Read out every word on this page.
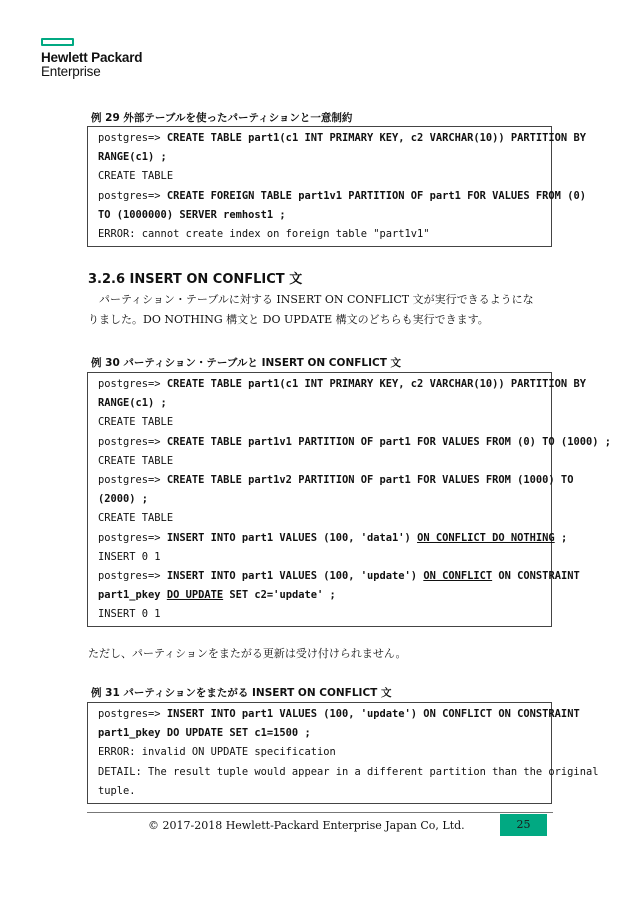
Hewlett Packard
Enterprise
例 29 外部テーブルを使ったパーティションと一意制約
postgres=> CREATE TABLE part1(c1 INT PRIMARY KEY, c2 VARCHAR(10)) PARTITION BY
RANGE(c1) ;
CREATE TABLE
postgres=> CREATE FOREIGN TABLE part1v1 PARTITION OF part1 FOR VALUES FROM (0)
TO (1000000) SERVER remhost1 ;
ERROR: cannot create index on foreign table "part1v1"
3.2.6 INSERT ON CONFLICT 文
　パーティション・テーブルに対する INSERT ON CONFLICT 文が実行できるようにな
りました。DO NOTHING 構文と DO UPDATE 構文のどちらも実行できます。
例 30 パーティション・テーブルと INSERT ON CONFLICT 文
postgres=> CREATE TABLE part1(c1 INT PRIMARY KEY, c2 VARCHAR(10)) PARTITION BY
RANGE(c1) ;
CREATE TABLE
postgres=> CREATE TABLE part1v1 PARTITION OF part1 FOR VALUES FROM (0) TO (1000) ;
CREATE TABLE
postgres=> CREATE TABLE part1v2 PARTITION OF part1 FOR VALUES FROM (1000) TO
(2000) ;
CREATE TABLE
postgres=> INSERT INTO part1 VALUES (100, 'data1') ON CONFLICT DO NOTHING ;
INSERT 0 1
postgres=> INSERT INTO part1 VALUES (100, 'update') ON CONFLICT ON CONSTRAINT
part1_pkey DO UPDATE SET c2='update' ;
INSERT 0 1
ただし、パーティションをまたがる更新は受け付けられません。
例 31 パーティションをまたがる INSERT ON CONFLICT 文
postgres=> INSERT INTO part1 VALUES (100, 'update') ON CONFLICT ON CONSTRAINT
part1_pkey DO UPDATE SET c1=1500 ;
ERROR: invalid ON UPDATE specification
DETAIL: The result tuple would appear in a different partition than the original
tuple.
© 2017-2018 Hewlett-Packard Enterprise Japan Co, Ltd.	25
